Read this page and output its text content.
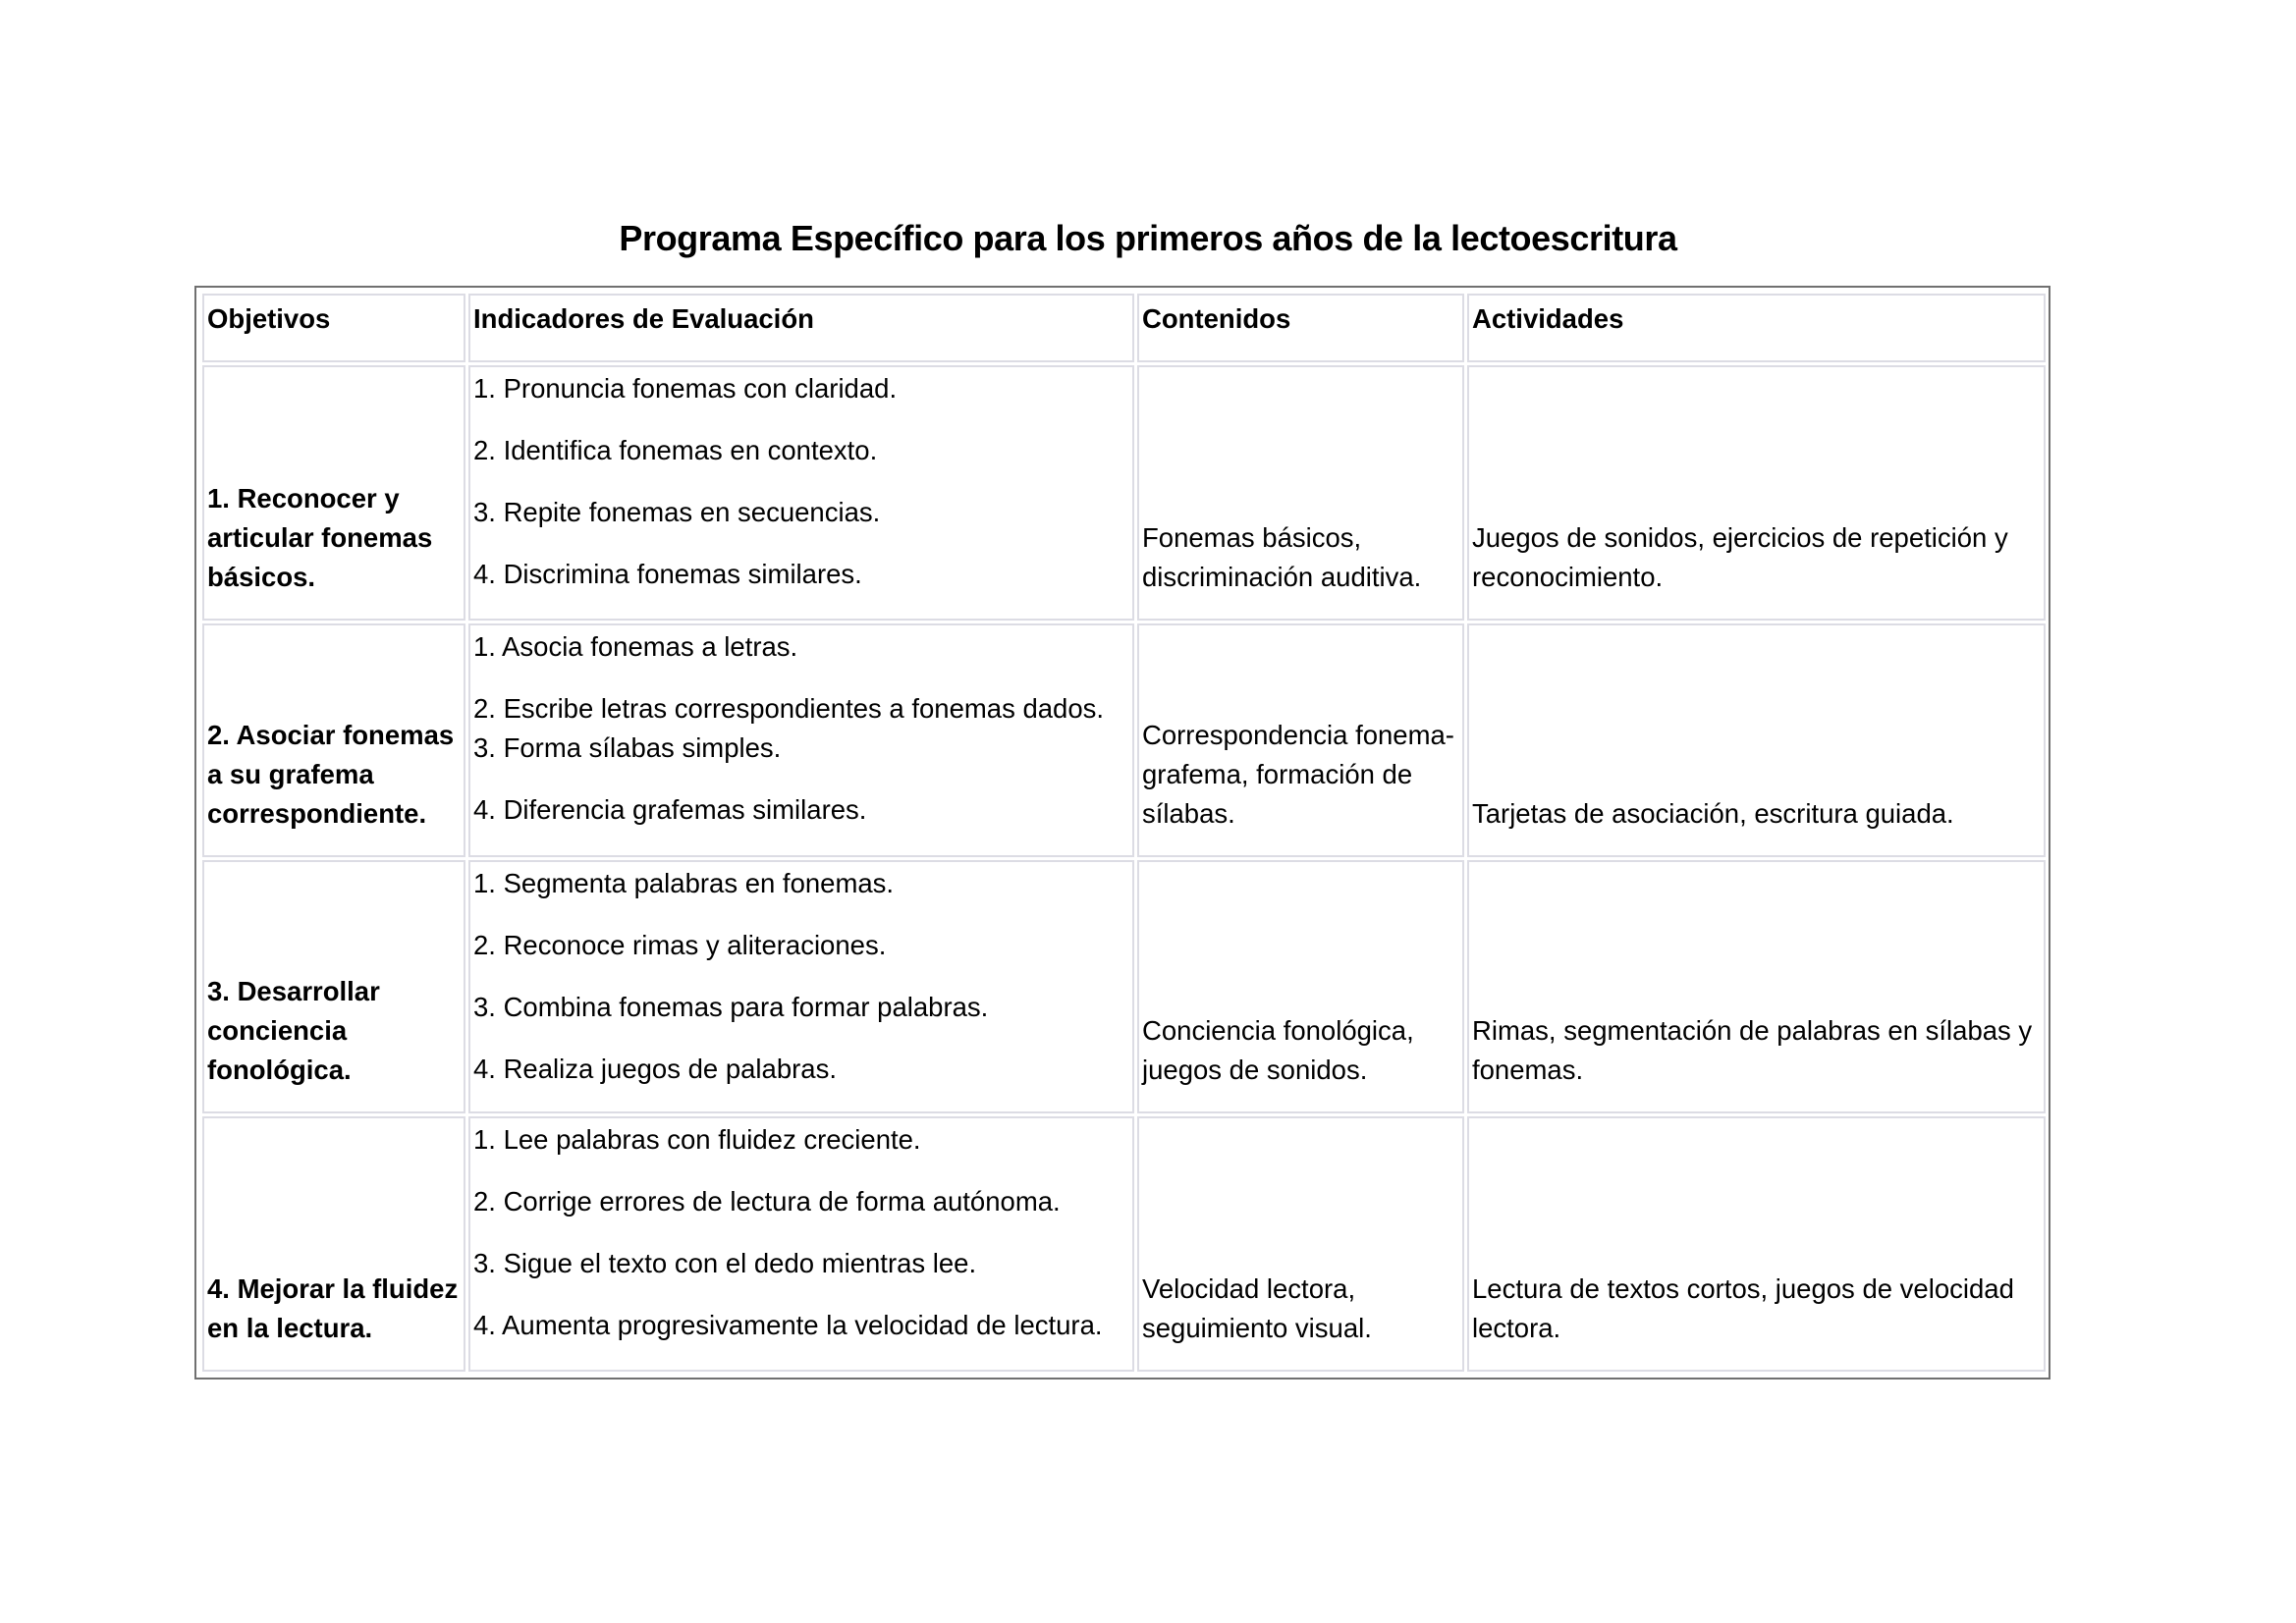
Programa Específico para los primeros años de la lectoescritura
Objetivos	Indicadores de Evaluación	Contenidos	Actividades
1. Reconocer y articular fonemas básicos.	1. Pronuncia fonemas con claridad.
2. Identifica fonemas en contexto.
3. Repite fonemas en secuencias.
4. Discrimina fonemas similares.	Fonemas básicos, discriminación auditiva.	Juegos de sonidos, ejercicios de repetición y reconocimiento.
2. Asociar fonemas a su grafema correspondiente.	1. Asocia fonemas a letras.
2. Escribe letras correspondientes a fonemas dados.
3. Forma sílabas simples.
4. Diferencia grafemas similares.	Correspondencia fonema-grafema, formación de sílabas.	Tarjetas de asociación, escritura guiada.
3. Desarrollar conciencia fonológica.	1. Segmenta palabras en fonemas.
2. Reconoce rimas y aliteraciones.
3. Combina fonemas para formar palabras.
4. Realiza juegos de palabras.	Conciencia fonológica, juegos de sonidos.	Rimas, segmentación de palabras en sílabas y fonemas.
4. Mejorar la fluidez en la lectura.	1. Lee palabras con fluidez creciente.
2. Corrige errores de lectura de forma autónoma.
3. Sigue el texto con el dedo mientras lee.
4. Aumenta progresivamente la velocidad de lectura.	Velocidad lectora, seguimiento visual.	Lectura de textos cortos, juegos de velocidad lectora.
